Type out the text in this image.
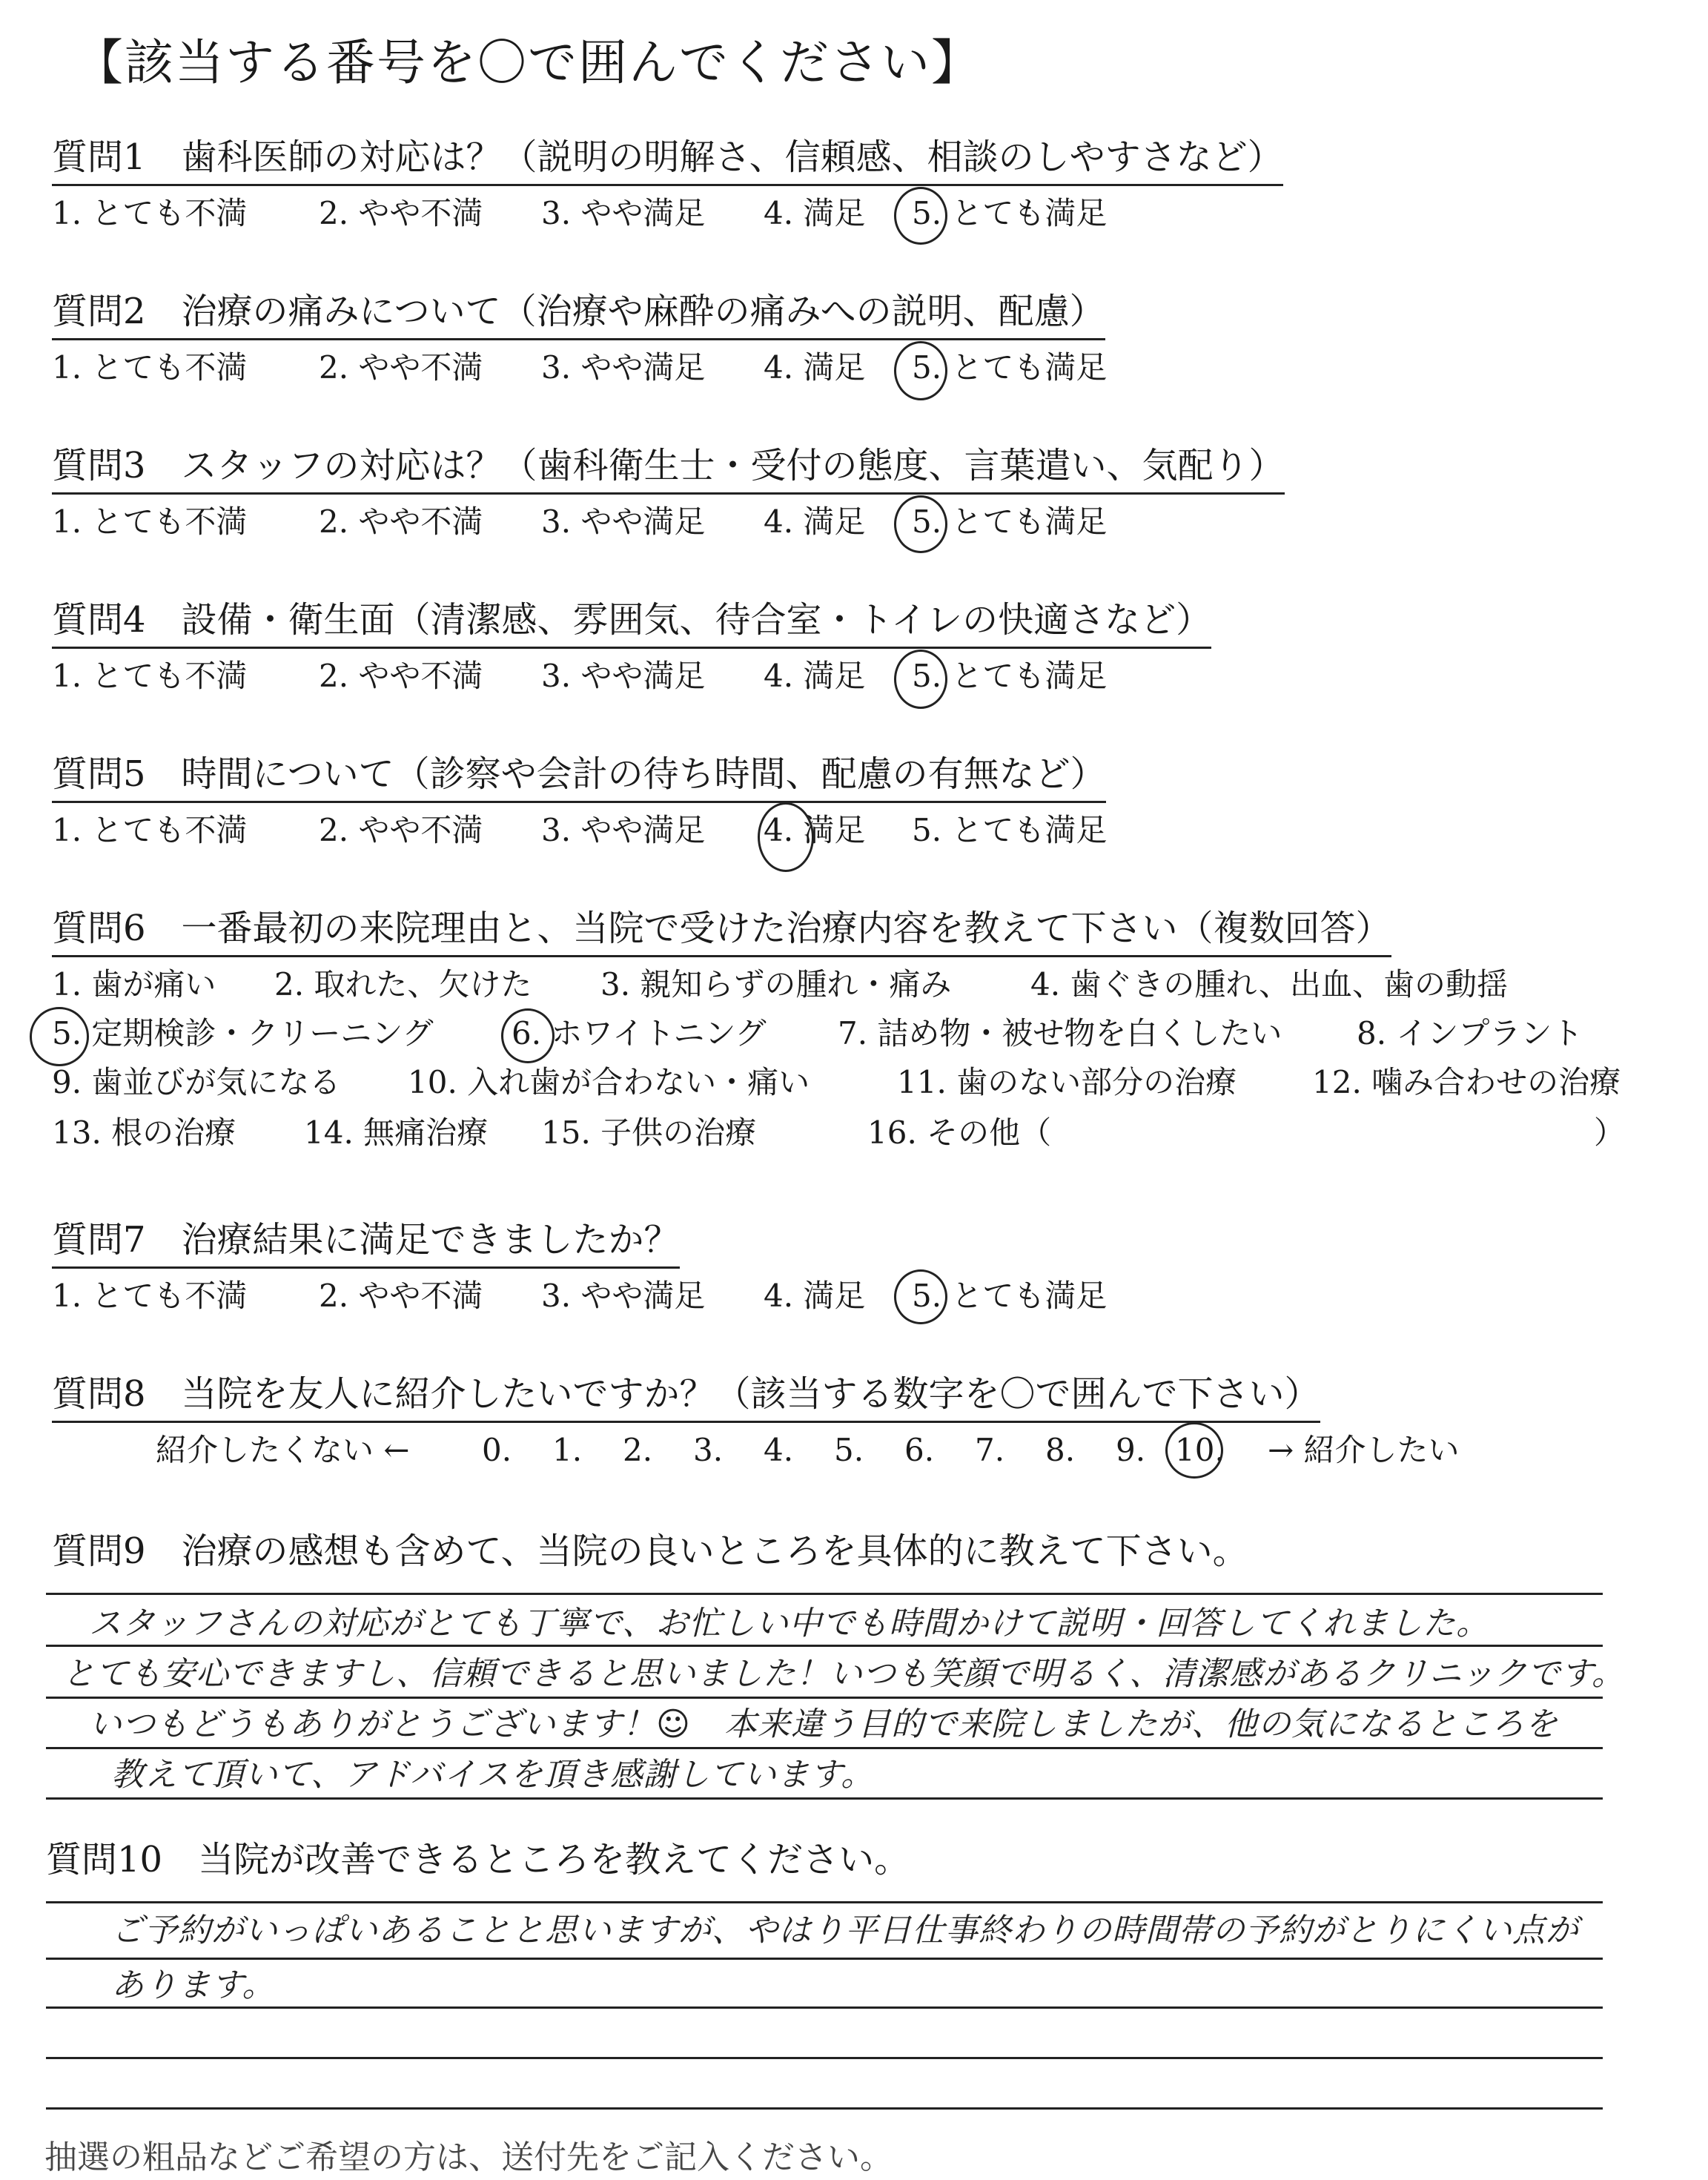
【該当する番号を〇で囲んでください】
質問1　歯科医師の対応は？（説明の明解さ、信頼感、相談のしやすさなど）
1. とても不満 2. やや不満 3. やや満足 4. 満足 5. とても満足
質問2　治療の痛みについて（治療や麻酔の痛みへの説明、配慮）
1. とても不満 2. やや不満 3. やや満足 4. 満足 5. とても満足
質問3　スタッフの対応は？（歯科衛生士・受付の態度、言葉遣い、気配り）
1. とても不満 2. やや不満 3. やや満足 4. 満足 5. とても満足
質問4　設備・衛生面（清潔感、雰囲気、待合室・トイレの快適さなど）
1. とても不満 2. やや不満 3. やや満足 4. 満足 5. とても満足
質問5　時間について（診察や会計の待ち時間、配慮の有無など）
1. とても不満 2. やや不満 3. やや満足 4. 満足 5. とても満足
質問6　一番最初の来院理由と、当院で受けた治療内容を教えて下さい（複数回答）
1. 歯が痛い 2. 取れた、欠けた 3. 親知らずの腫れ・痛み	4. 歯ぐきの腫れ、出血、歯の動揺
5. 定期検診・クリーニング	6. ホワイトニング 7. 詰め物・被せ物を白くしたい 8. インプラント
9. 歯並びが気になる 10. 入れ歯が合わない・痛い	11. 歯のない部分の治療 12. 噛み合わせの治療
13. 根の治療 14. 無痛治療 15. 子供の治療	16. その他（	）
質問7　治療結果に満足できましたか？
1. とても不満 2. やや不満 3. やや満足 4. 満足 5. とても満足
質問8　当院を友人に紹介したいですか？（該当する数字を〇で囲んで下さい）
紹介したくない ← 0. 1. 2. 3. 4. 5. 6. 7. 8. 9. 10. → 紹介したい
質問9　治療の感想も含めて、当院の良いところを具体的に教えて下さい。
スタッフさんの対応がとても丁寧で、お忙しい中でも時間かけて説明・回答してくれました。
とても安心できますし、信頼できると思いました！いつも笑顔で明るく、清潔感があるクリニックです。
いつもどうもありがとうございます！☺　本来違う目的で来院しましたが、他の気になるところを
教えて頂いて、アドバイスを頂き感謝しています。
質問10　当院が改善できるところを教えてください。
ご予約がいっぱいあることと思いますが、やはり平日仕事終わりの時間帯の予約がとりにくい点が
あります。
抽選の粗品などご希望の方は、送付先をご記入ください。
